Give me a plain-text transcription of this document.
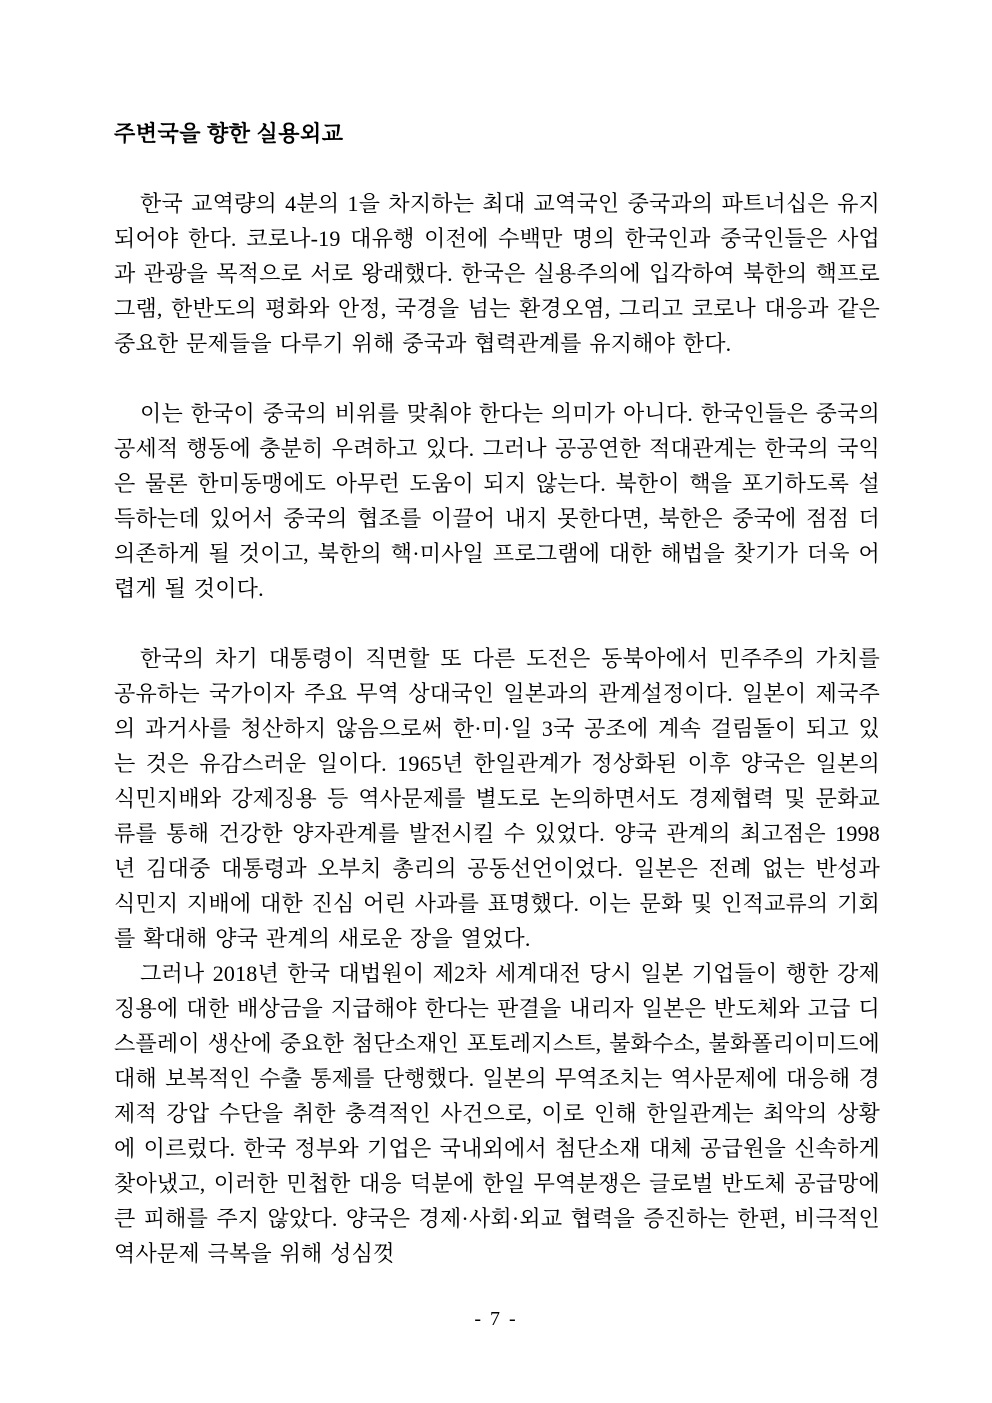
주변국을 향한 실용외교

한국 교역량의 4분의 1을 차지하는 최대 교역국인 중국과의 파트너십은 유지되어야 한다. 코로나-19 대유행 이전에 수백만 명의 한국인과 중국인들은 사업과 관광을 목적으로 서로 왕래했다. 한국은 실용주의에 입각하여 북한의 핵프로그램, 한반도의 평화와 안정, 국경을 넘는 환경오염, 그리고 코로나 대응과 같은 중요한 문제들을 다루기 위해 중국과 협력관계를 유지해야 한다.

이는 한국이 중국의 비위를 맞춰야 한다는 의미가 아니다. 한국인들은 중국의 공세적 행동에 충분히 우려하고 있다. 그러나 공공연한 적대관계는 한국의 국익은 물론 한미동맹에도 아무런 도움이 되지 않는다. 북한이 핵을 포기하도록 설득하는데 있어서 중국의 협조를 이끌어 내지 못한다면, 북한은 중국에 점점 더 의존하게 될 것이고, 북한의 핵·미사일 프로그램에 대한 해법을 찾기가 더욱 어렵게 될 것이다.

한국의 차기 대통령이 직면할 또 다른 도전은 동북아에서 민주주의 가치를 공유하는 국가이자 주요 무역 상대국인 일본과의 관계설정이다. 일본이 제국주의 과거사를 청산하지 않음으로써 한·미·일 3국 공조에 계속 걸림돌이 되고 있는 것은 유감스러운 일이다. 1965년 한일관계가 정상화된 이후 양국은 일본의 식민지배와 강제징용 등 역사문제를 별도로 논의하면서도 경제협력 및 문화교류를 통해 건강한 양자관계를 발전시킬 수 있었다. 양국 관계의 최고점은 1998년 김대중 대통령과 오부치 총리의 공동선언이었다. 일본은 전례 없는 반성과 식민지 지배에 대한 진심 어린 사과를 표명했다. 이는 문화 및 인적교류의 기회를 확대해 양국 관계의 새로운 장을 열었다.

그러나 2018년 한국 대법원이 제2차 세계대전 당시 일본 기업들이 행한 강제징용에 대한 배상금을 지급해야 한다는 판결을 내리자 일본은 반도체와 고급 디스플레이 생산에 중요한 첨단소재인 포토레지스트, 불화수소, 불화폴리이미드에 대해 보복적인 수출 통제를 단행했다. 일본의 무역조치는 역사문제에 대응해 경제적 강압 수단을 취한 충격적인 사건으로, 이로 인해 한일관계는 최악의 상황에 이르렀다. 한국 정부와 기업은 국내외에서 첨단소재 대체 공급원을 신속하게 찾아냈고, 이러한 민첩한 대응 덕분에 한일 무역분쟁은 글로벌 반도체 공급망에 큰 피해를 주지 않았다. 양국은 경제·사회·외교 협력을 증진하는 한편, 비극적인 역사문제 극복을 위해 성심껏

- 7 -
